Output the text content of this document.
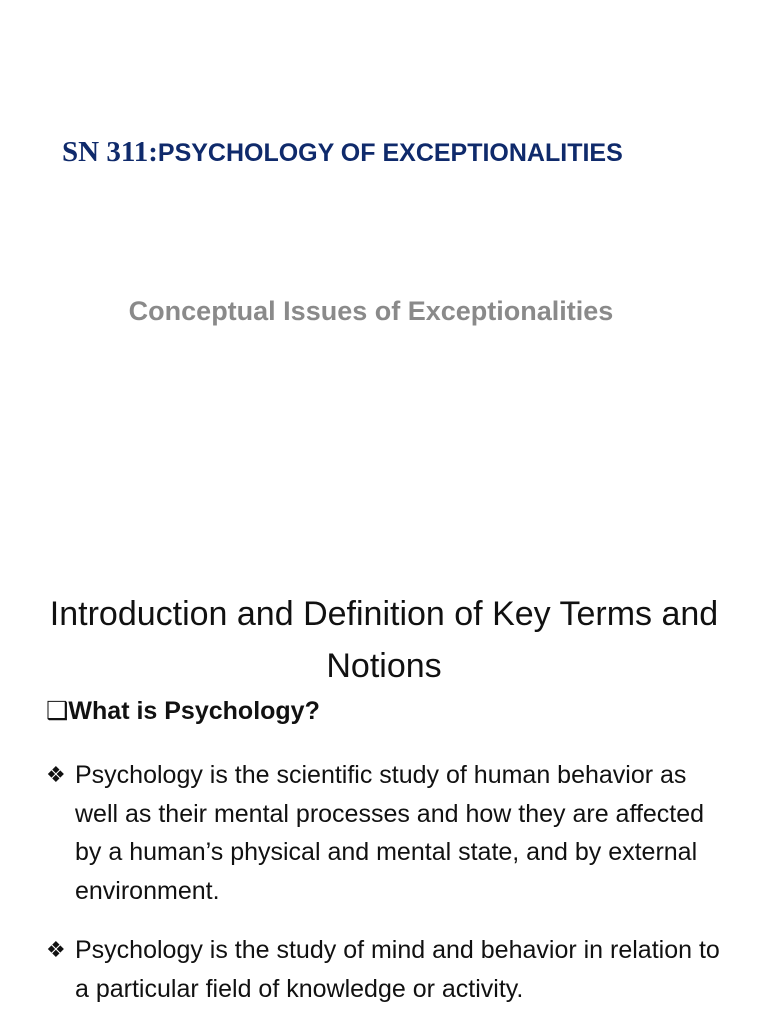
SN 311:PSYCHOLOGY OF EXCEPTIONALITIES
Conceptual Issues of Exceptionalities
Introduction and Definition of Key Terms and Notions

❑What is Psychology?

❖ Psychology is the scientific study of human behavior as well as their mental processes and how they are affected by a human’s physical and mental state, and by external environment.
❖ Psychology is the study of mind and behavior in relation to a particular field of knowledge or activity.
